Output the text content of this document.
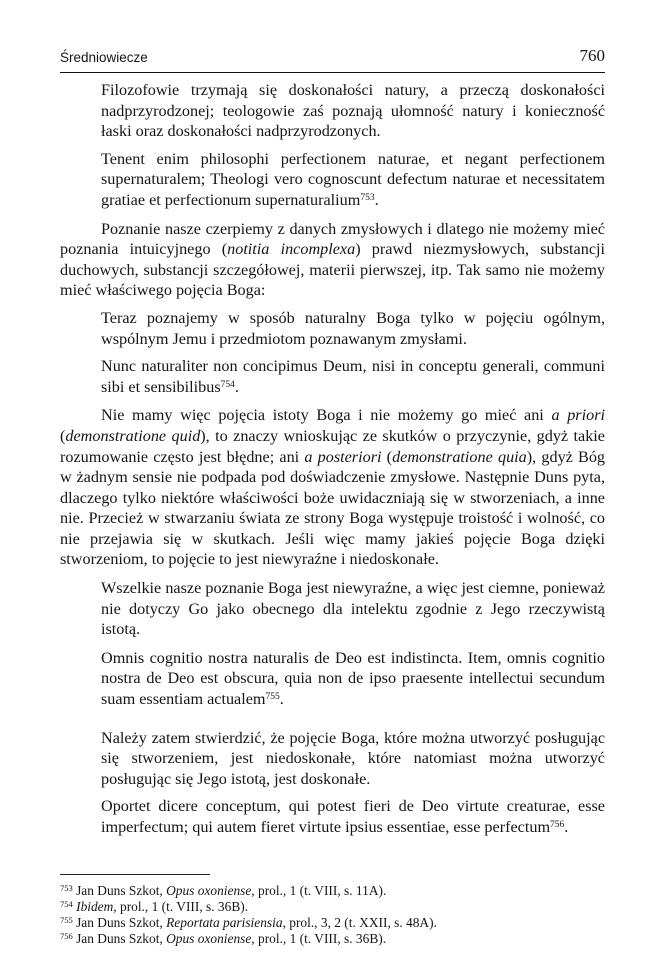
Średniowiecze	760

Filozofowie trzymają się doskonałości natury, a przeczą doskonałości nadprzyrodzonej; teologowie zaś poznają ułomność natury i konieczność łaski oraz doskonałości nadprzyrodzonych.

Tenent enim philosophi perfectionem naturae, et negant perfectionem supernaturalem; Theologi vero cognoscunt defectum naturae et necessitatem gratiae et perfectionum supernaturalium$^{753}$.

Poznanie nasze czerpiemy z danych zmysłowych i dlatego nie możemy mieć poznania intuicyjnego (notitia incomplexa) prawd niezmysłowych, substancji duchowych, substancji szczegółowej, materii pierwszej, itp. Tak samo nie możemy mieć właściwego pojęcia Boga:

Teraz poznajemy w sposób naturalny Boga tylko w pojęciu ogólnym, wspólnym Jemu i przedmiotom poznawanym zmysłami.

Nunc naturaliter non concipimus Deum, nisi in conceptu generali, communi sibi et sensibilibus$^{754}$.

Nie mamy więc pojęcia istoty Boga i nie możemy go mieć ani a priori (demonstratione quid), to znaczy wnioskując ze skutków o przyczynie, gdyż takie rozumowanie często jest błędne; ani a posteriori (demonstratione quia), gdyż Bóg w żadnym sensie nie podpada pod doświadczenie zmysłowe. Następnie Duns pyta, dlaczego tylko niektóre właściwości boże uwidaczniają się w stworzeniach, a inne nie. Przecież w stwarzaniu świata ze strony Boga występuje troistość i wolność, co nie przejawia się w skutkach. Jeśli więc mamy jakieś pojęcie Boga dzięki stworzeniom, to pojęcie to jest niewyraźne i niedoskonałe.

Wszelkie nasze poznanie Boga jest niewyraźne, a więc jest ciemne, ponieważ nie dotyczy Go jako obecnego dla intelektu zgodnie z Jego rzeczywistą istotą.

Omnis cognitio nostra naturalis de Deo est indistincta. Item, omnis cognitio nostra de Deo est obscura, quia non de ipso praesente intellectui secundum suam essentiam actualem$^{755}$.

Należy zatem stwierdzić, że pojęcie Boga, które można utworzyć posługując się stworzeniem, jest niedoskonałe, które natomiast można utworzyć posługując się Jego istotą, jest doskonałe.

Oportet dicere conceptum, qui potest fieri de Deo virtute creaturae, esse imperfectum; qui autem fieret virtute ipsius essentiae, esse perfectum$^{756}$.

$^{753}$ Jan Duns Szkot, Opus oxoniense, prol., 1 (t. VIII, s. 11A).
$^{754}$ Ibidem, prol., 1 (t. VIII, s. 36B).
$^{755}$ Jan Duns Szkot, Reportata parisiensia, prol., 3, 2 (t. XXII, s. 48A).
$^{756}$ Jan Duns Szkot, Opus oxoniense, prol., 1 (t. VIII, s. 36B).
